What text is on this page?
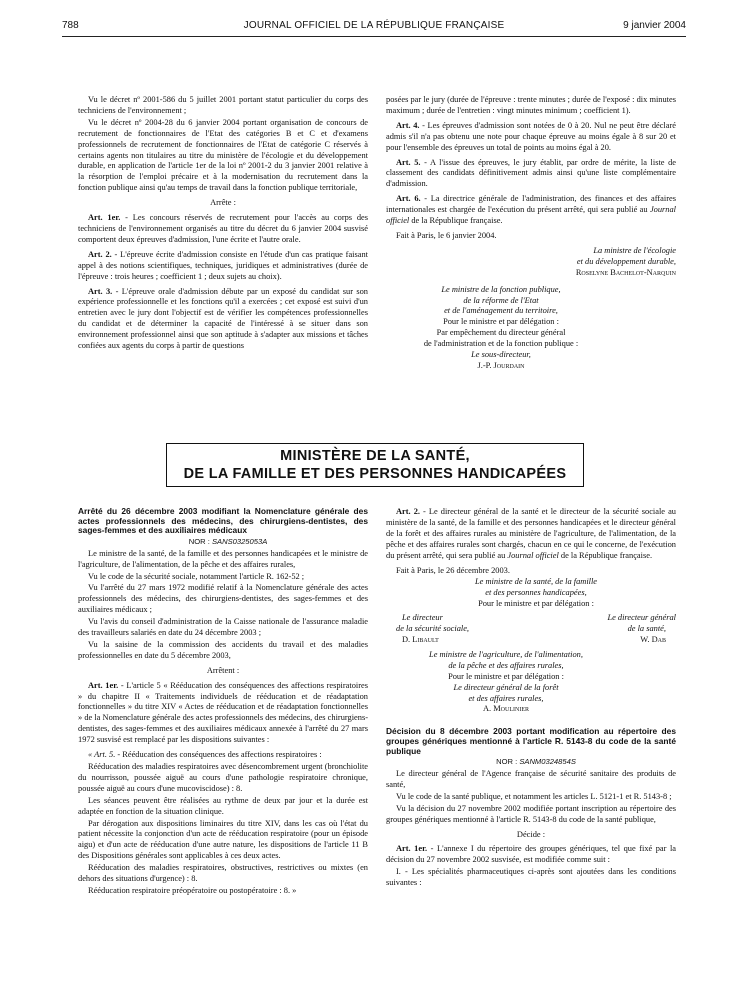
788	JOURNAL OFFICIEL DE LA RÉPUBLIQUE FRANÇAISE	9 janvier 2004

Vu le décret nº 2001-586 du 5 juillet 2001 portant statut particulier du corps des techniciens de l'environnement ;

Vu le décret nº 2004-28 du 6 janvier 2004 portant organisation de concours de recrutement de fonctionnaires de l'Etat des catégories B et C et d'examens professionnels de recrutement de fonctionnaires de l'Etat de catégorie C réservés à certains agents non titulaires au titre du ministère de l'écologie et du développement durable, en application de l'article 1er de la loi nº 2001-2 du 3 janvier 2001 relative à la résorption de l'emploi précaire et à la modernisation du recrutement dans la fonction publique ainsi qu'au temps de travail dans la fonction publique territoriale,

Arrête :

Art. 1er. - Les concours réservés de recrutement pour l'accès au corps des techniciens de l'environnement organisés au titre du décret du 6 janvier 2004 susvisé comportent deux épreuves d'admission, l'une écrite et l'autre orale.

Art. 2. - L'épreuve écrite d'admission consiste en l'étude d'un cas pratique faisant appel à des notions scientifiques, techniques, juridiques et administratives (durée de l'épreuve : trois heures ; coefficient 1 ; deux sujets au choix).

Art. 3. - L'épreuve orale d'admission débute par un exposé du candidat sur son expérience professionnelle et les fonctions qu'il a exercées ; cet exposé est suivi d'un entretien avec le jury dont l'objectif est de vérifier les compétences professionnelles du candidat et de déterminer la capacité de l'intéressé à se situer dans son environnement professionnel ainsi que son aptitude à s'adapter aux missions et tâches confiées aux agents du corps à partir de questions

posées par le jury (durée de l'épreuve : trente minutes ; durée de l'exposé : dix minutes maximum ; durée de l'entretien : vingt minutes minimum ; coefficient 1).

Art. 4. - Les épreuves d'admission sont notées de 0 à 20. Nul ne peut être déclaré admis s'il n'a pas obtenu une note pour chaque épreuve au moins égale à 8 sur 20 et pour l'ensemble des épreuves un total de points au moins égal à 20.

Art. 5. - A l'issue des épreuves, le jury établit, par ordre de mérite, la liste de classement des candidats définitivement admis ainsi qu'une liste complémentaire d'admission.

Art. 6. - La directrice générale de l'administration, des finances et des affaires internationales est chargée de l'exécution du présent arrêté, qui sera publié au Journal officiel de la République française.

Fait à Paris, le 6 janvier 2004.

La ministre de l'écologie

et du développement durable,

Roselyne Bachelot-Narquin

Le ministre de la fonction publique,

de la réforme de l'Etat

et de l'aménagement du territoire,

Pour le ministre et par délégation :

Par empêchement du directeur général

de l'administration et de la fonction publique :

Le sous-directeur,

J.-P. Jourdain

MINISTÈRE DE LA SANTÉ,
DE LA FAMILLE ET DES PERSONNES HANDICAPÉES

Arrêté du 26 décembre 2003 modifiant la Nomenclature générale des actes professionnels des médecins, des chirurgiens-dentistes, des sages-femmes et des auxiliaires médicaux

NOR : SANS0325053A

Le ministre de la santé, de la famille et des personnes handicapées et le ministre de l'agriculture, de l'alimentation, de la pêche et des affaires rurales,

Vu le code de la sécurité sociale, notamment l'article R. 162-52 ;

Vu l'arrêté du 27 mars 1972 modifié relatif à la Nomenclature générale des actes professionnels des médecins, des chirurgiens-dentistes, des sages-femmes et des auxiliaires médicaux ;

Vu l'avis du conseil d'administration de la Caisse nationale de l'assurance maladie des travailleurs salariés en date du 24 décembre 2003 ;

Vu la saisine de la commission des accidents du travail et des maladies professionnelles en date du 5 décembre 2003,

Arrêtent :

Art. 1er. - L'article 5 « Rééducation des conséquences des affections respiratoires » du chapitre II « Traitements individuels de rééducation et de réadaptation fonctionnelles » du titre XIV « Actes de rééducation et de réadaptation fonctionnelles » de la Nomenclature générale des actes professionnels des médecins, des chirurgiens-dentistes, des sages-femmes et des auxiliaires médicaux annexée à l'arrêté du 27 mars 1972 susvisé est remplacé par les dispositions suivantes :

« Art. 5. - Rééducation des conséquences des affections respiratoires :

Rééducation des maladies respiratoires avec désencombrement urgent (bronchiolite du nourrisson, poussée aiguë au cours d'une pathologie respiratoire chronique, poussée aiguë au cours d'une mucoviscidose) : 8.

Les séances peuvent être réalisées au rythme de deux par jour et la durée est adaptée en fonction de la situation clinique.

Par dérogation aux dispositions liminaires du titre XIV, dans les cas où l'état du patient nécessite la conjonction d'un acte de rééducation respiratoire (pour un épisode aigu) et d'un acte de rééducation d'une autre nature, les dispositions de l'article 11 B des Dispositions générales sont applicables à ces deux actes.

Rééducation des maladies respiratoires, obstructives, restrictives ou mixtes (en dehors des situations d'urgence) : 8.

Rééducation respiratoire préopératoire ou postopératoire : 8. »

Art. 2. - Le directeur général de la santé et le directeur de la sécurité sociale au ministère de la santé, de la famille et des personnes handicapées et le directeur général de la forêt et des affaires rurales au ministère de l'agriculture, de l'alimentation, de la pêche et des affaires rurales sont chargés, chacun en ce qui le concerne, de l'exécution du présent arrêté, qui sera publié au Journal officiel de la République française.

Fait à Paris, le 26 décembre 2003.

Le ministre de la santé, de la famille

et des personnes handicapées,

Pour le ministre et par délégation :

Le directeur

de la sécurité sociale,

D. Libault

Le directeur général

de la santé,

W. Dab

Le ministre de l'agriculture, de l'alimentation,

de la pêche et des affaires rurales,

Pour le ministre et par délégation :

Le directeur général de la forêt

et des affaires rurales,

A. Moulinier

Décision du 8 décembre 2003 portant modification au répertoire des groupes génériques mentionné à l'article R. 5143-8 du code de la santé publique

NOR : SANM0324854S

Le directeur général de l'Agence française de sécurité sanitaire des produits de santé,

Vu le code de la santé publique, et notamment les articles L. 5121-1 et R. 5143-8 ;

Vu la décision du 27 novembre 2002 modifiée portant inscription au répertoire des groupes génériques mentionné à l'article R. 5143-8 du code de la santé publique,

Décide :

Art. 1er. - L'annexe I du répertoire des groupes génériques, tel que fixé par la décision du 27 novembre 2002 susvisée, est modifiée comme suit :

I. - Les spécialités pharmaceutiques ci-après sont ajoutées dans les conditions suivantes :
